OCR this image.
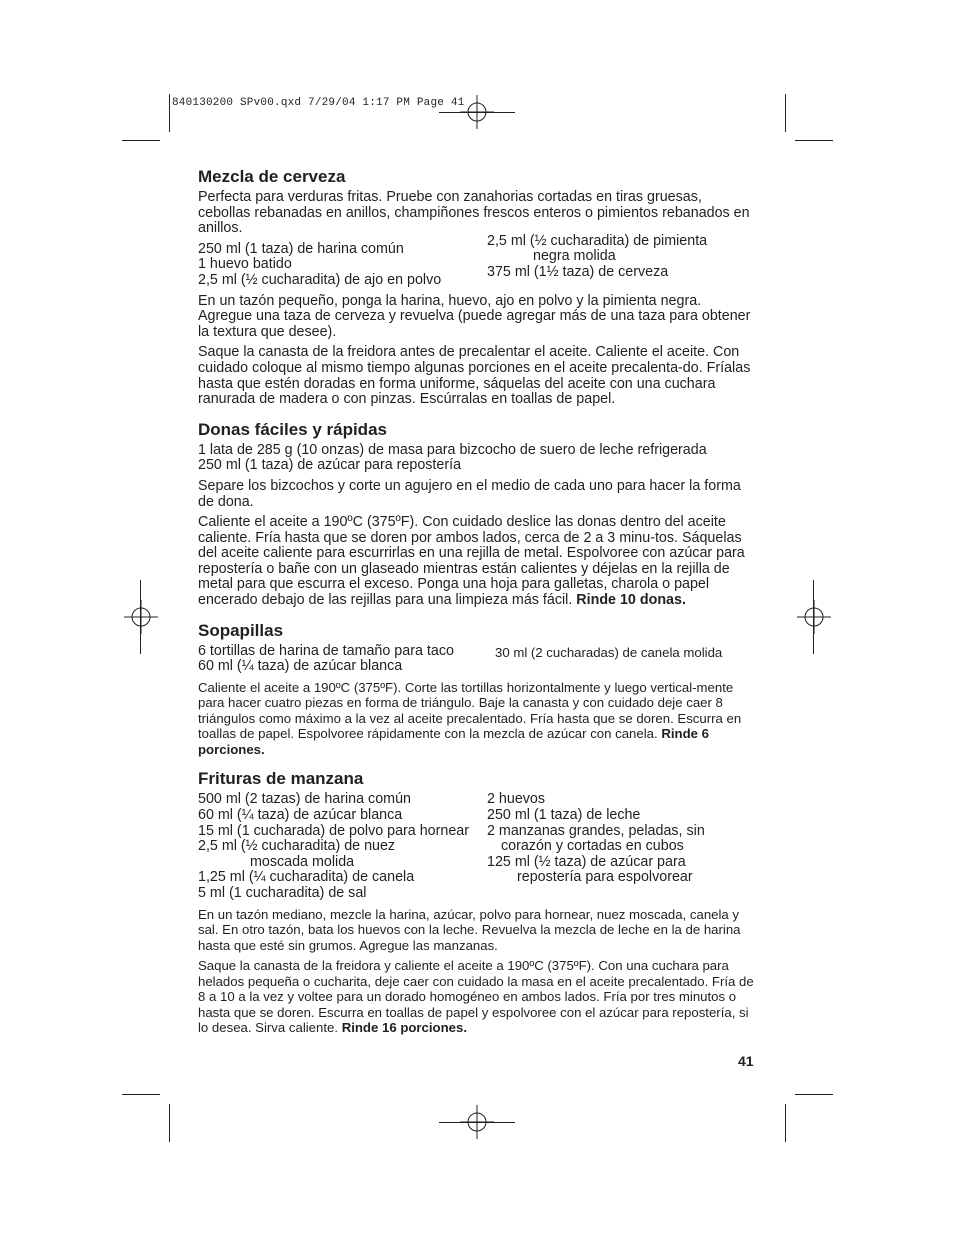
840130200 SPv00.qxd 7/29/04 1:17 PM Page 41
Mezcla de cerveza

Perfecta para verduras fritas. Pruebe con zanahorias cortadas en tiras gruesas, cebollas rebanadas en anillos, champiñones frescos enteros o pimientos rebanados en anillos.

250 ml (1 taza) de harina común
1 huevo batido
2,5 ml (½ cucharadita) de ajo en polvo
2,5 ml (½ cucharadita) de pimienta
negra molida
375 ml (1½ taza) de cerveza

En un tazón pequeño, ponga la harina, huevo, ajo en polvo y la pimienta negra. Agregue una taza de cerveza y revuelva (puede agregar más de una taza para obtener la textura que desee).

Saque la canasta de la freidora antes de precalentar el aceite. Caliente el aceite. Con cuidado coloque al mismo tiempo algunas porciones en el aceite precalenta-do. Fríalas hasta que estén doradas en forma uniforme, sáquelas del aceite con una cuchara ranurada de madera o con pinzas. Escúrralas en toallas de papel.

Donas fáciles y rápidas

1 lata de 285 g (10 onzas) de masa para bizcocho de suero de leche refrigerada

250 ml (1 taza) de azúcar para repostería

Separe los bizcochos y corte un agujero en el medio de cada uno para hacer la forma de dona.

Caliente el aceite a 190ºC (375ºF). Con cuidado deslice las donas dentro del aceite caliente. Fría hasta que se doren por ambos lados, cerca de 2 a 3 minu-tos. Sáquelas del aceite caliente para escurrirlas en una rejilla de metal. Espolvoree con azúcar para repostería o bañe con un glaseado mientras están calientes y déjelas en la rejilla de metal para que escurra el exceso. Ponga una hoja para galletas, charola o papel encerado debajo de las rejillas para una limpieza más fácil. Rinde 10 donas.

Sopapillas
6 tortillas de harina de tamaño para taco
60 ml (¼ taza) de azúcar blanca
30 ml (2 cucharadas) de canela molida

Caliente el aceite a 190ºC (375ºF). Corte las tortillas horizontalmente y luego vertical-mente para hacer cuatro piezas en forma de triángulo. Baje la canasta y con cuidado deje caer 8 triángulos como máximo a la vez al aceite precalentado. Fría hasta que se doren. Escurra en toallas de papel. Espolvoree rápidamente con la mezcla de azúcar con canela. Rinde 6 porciones.

Frituras de manzana
500 ml (2 tazas) de harina común
60 ml (¼ taza) de azúcar blanca
15 ml (1 cucharada) de polvo para hornear
2,5 ml (½ cucharadita) de nuez
moscada molida
1,25 ml (¼ cucharadita) de canela
5 ml (1 cucharadita) de sal
2 huevos
250 ml (1 taza) de leche
2 manzanas grandes, peladas, sin
corazón y cortadas en cubos
125 ml (½ taza) de azúcar para
repostería para espolvorear

En un tazón mediano, mezcle la harina, azúcar, polvo para hornear, nuez moscada, canela y sal. En otro tazón, bata los huevos con la leche. Revuelva la mezcla de leche en la de harina hasta que esté sin grumos. Agregue las manzanas.

Saque la canasta de la freidora y caliente el aceite a 190ºC (375ºF). Con una cuchara para helados pequeña o cucharita, deje caer con cuidado la masa en el aceite precalentado. Fría de 8 a 10 a la vez y voltee para un dorado homogéneo en ambos lados. Fría por tres minutos o hasta que se doren. Escurra en toallas de papel y espolvoree con el azúcar para repostería, si lo desea. Sirva caliente. Rinde 16 porciones.

41
